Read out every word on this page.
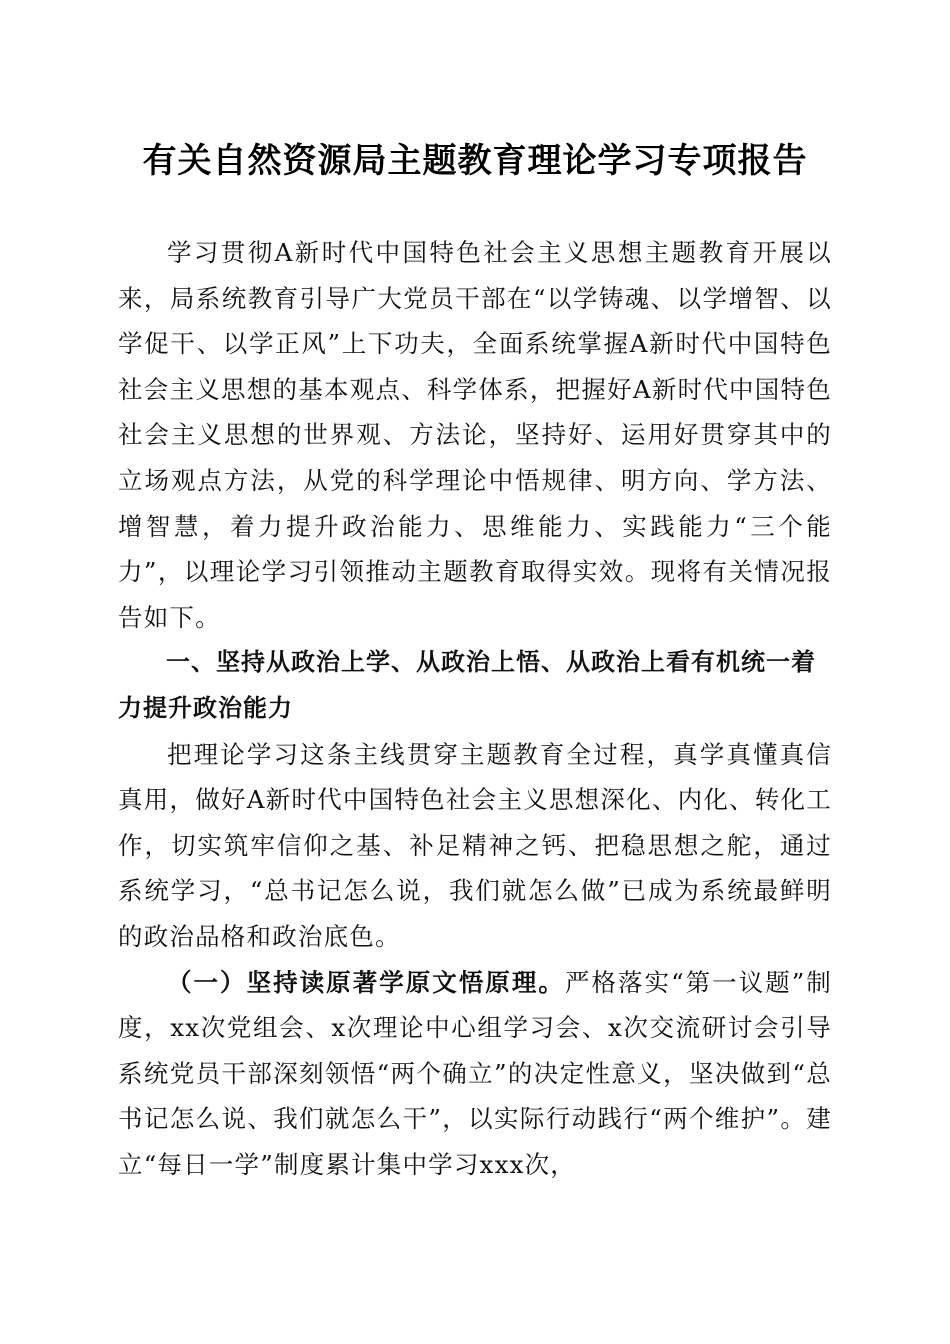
有关自然资源局主题教育理论学习专项报告

学习贯彻A新时代中国特色社会主义思想主题教育开展以来，局系统教育引导广大党员干部在“以学铸魂、以学增智、以学促干、以学正风”上下功夫，全面系统掌握A新时代中国特色社会主义思想的基本观点、科学体系，把握好A新时代中国特色社会主义思想的世界观、方法论，坚持好、运用好贯穿其中的立场观点方法，从党的科学理论中悟规律、明方向、学方法、增智慧，着力提升政治能力、思维能力、实践能力“三个能力”，以理论学习引领推动主题教育取得实效。现将有关情况报告如下。

一、坚持从政治上学、从政治上悟、从政治上看有机统一着力提升政治能力

把理论学习这条主线贯穿主题教育全过程，真学真懂真信真用，做好A新时代中国特色社会主义思想深化、内化、转化工作，切实筑牢信仰之基、补足精神之钙、把稳思想之舵，通过系统学习，“总书记怎么说，我们就怎么做”已成为系统最鲜明的政治品格和政治底色。

（一）坚持读原著学原文悟原理。严格落实“第一议题”制度，xx次党组会、x次理论中心组学习会、x次交流研讨会引导系统党员干部深刻领悟“两个确立”的决定性意义，坚决做到“总书记怎么说、我们就怎么干”，以实际行动践行“两个维护”。建立“每日一学”制度累计集中学习xxx次，
